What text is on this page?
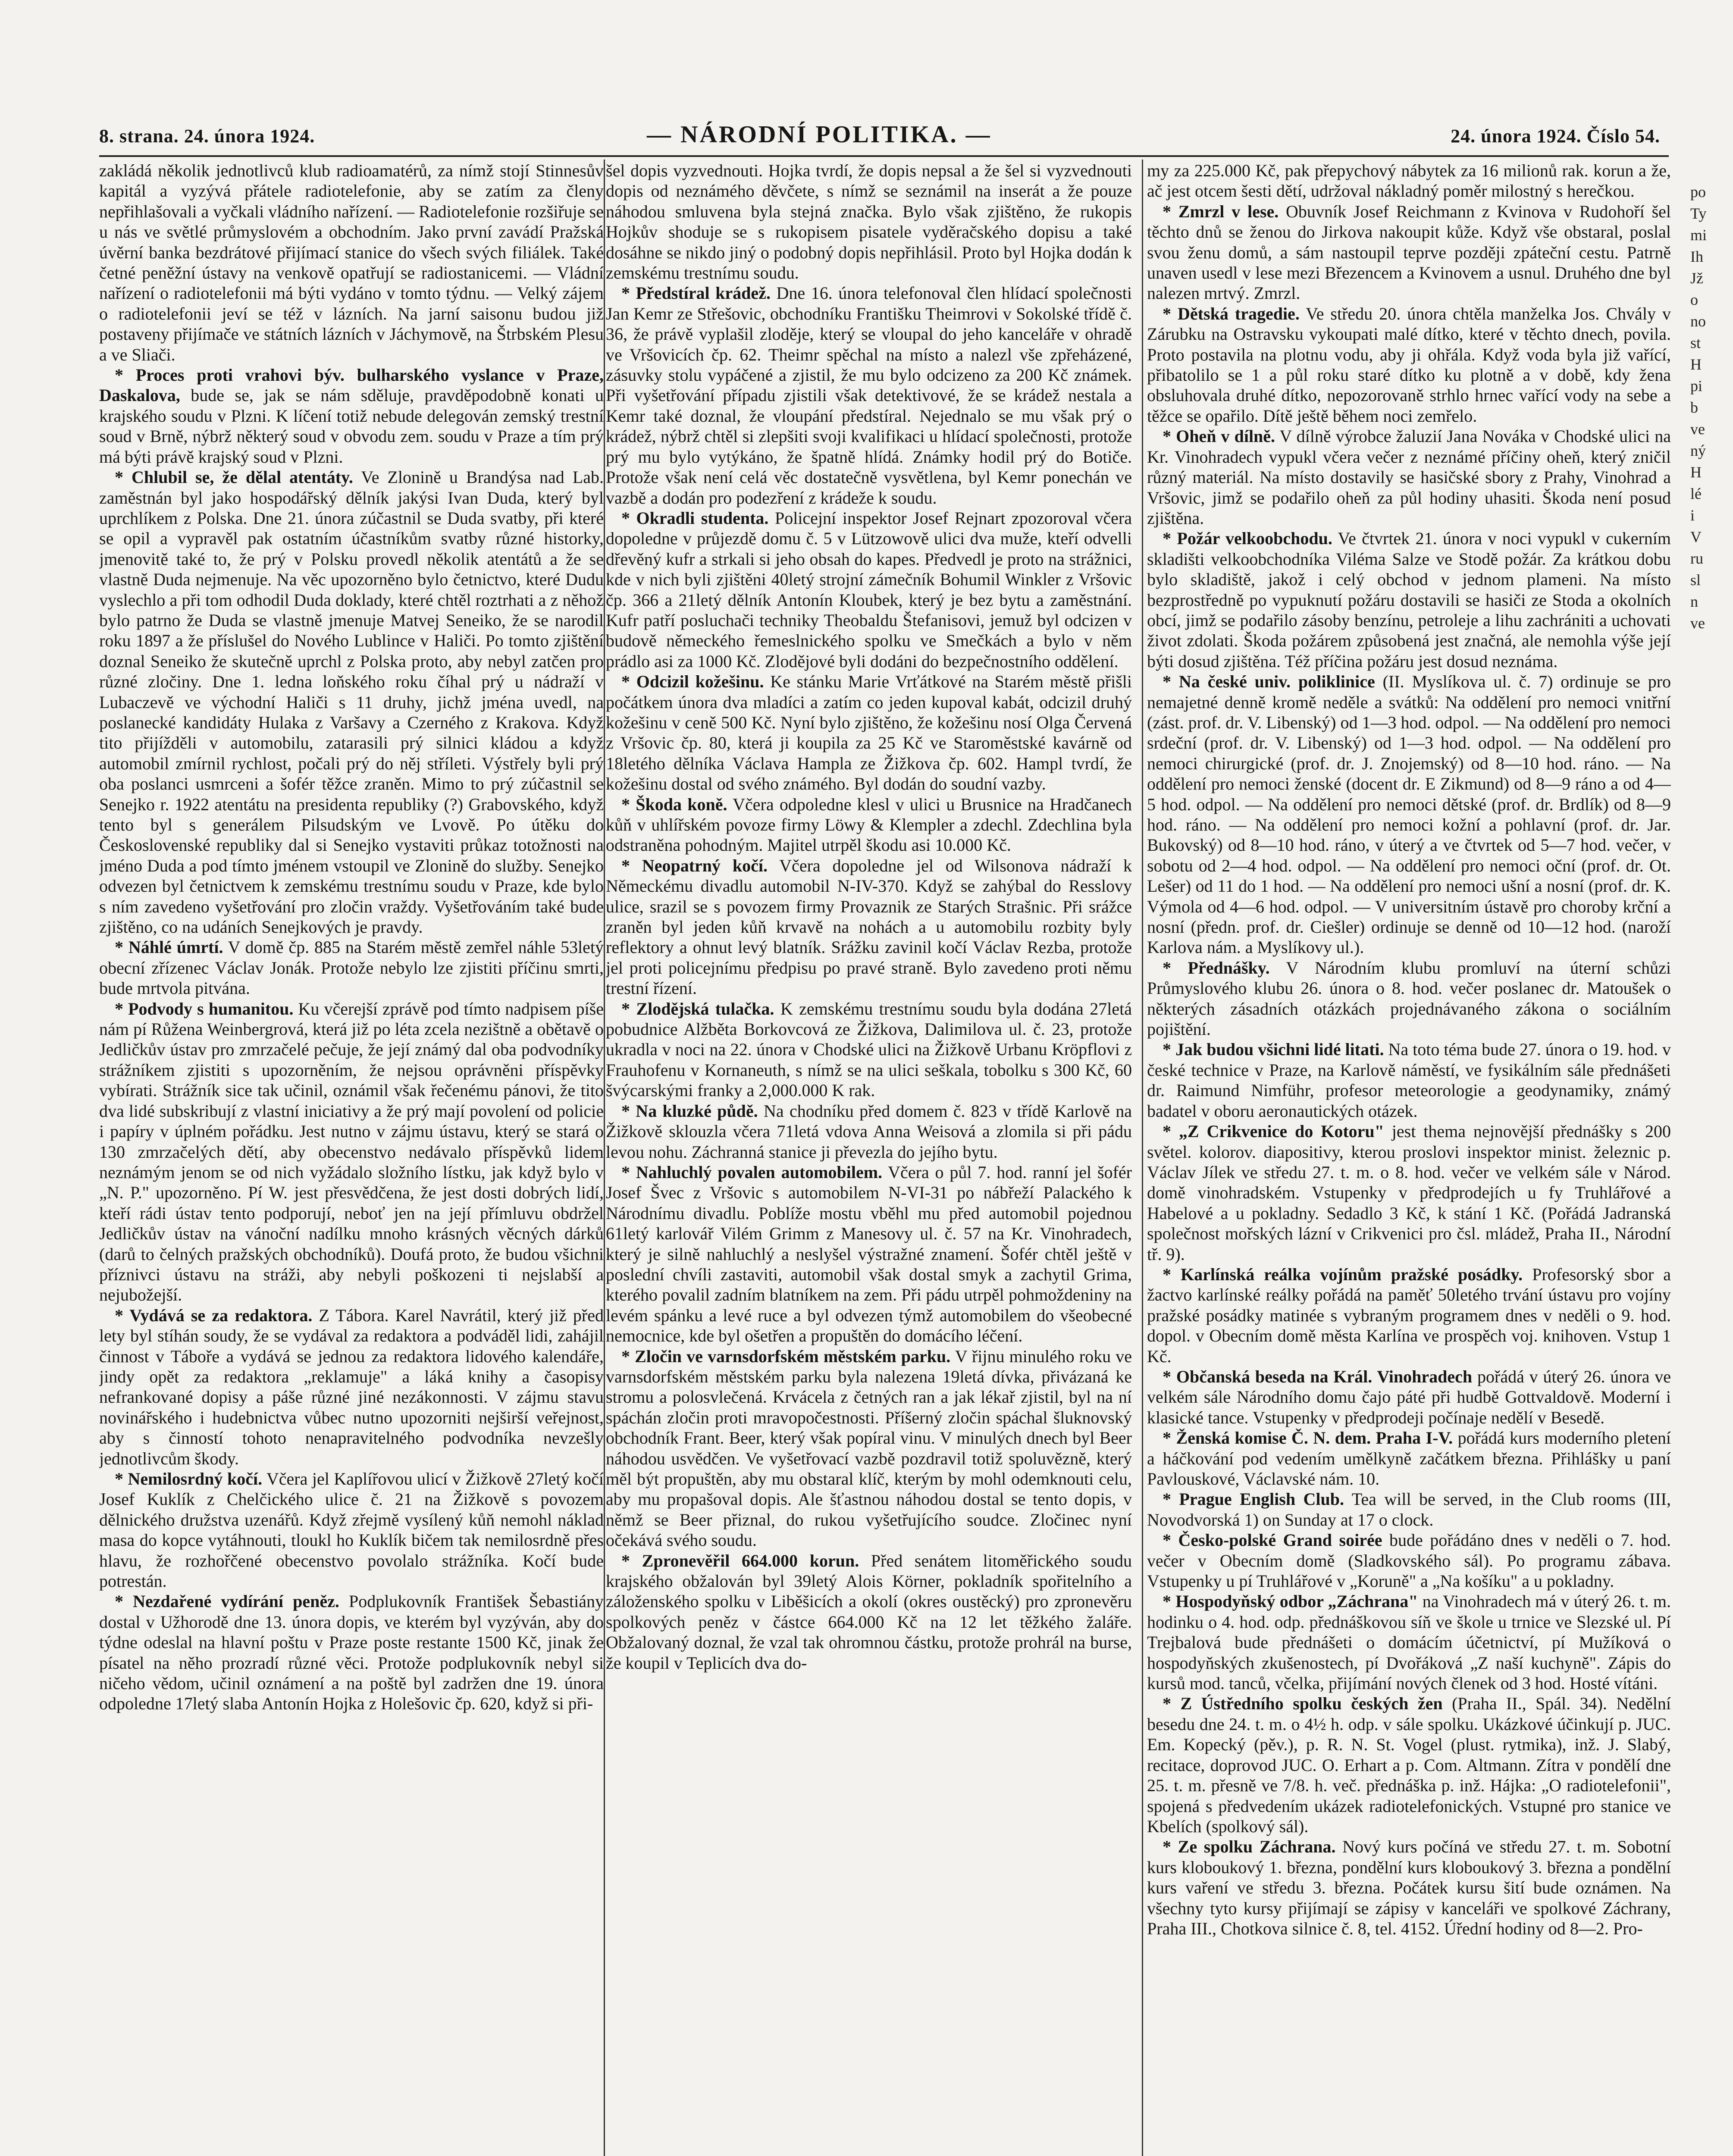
8. strana. 24. února 1924.	— NÁRODNÍ POLITIKA. —	24. února 1924. Číslo 54.

zakládá několik jednotlivců klub radioamatérů, za nímž stojí Stinnesův kapitál a vyzývá přátele radiotelefonie, aby se zatím za členy nepřihlašovali a vyčkali vládního nařízení. — Radiotelefonie rozšiřuje se u nás ve světlé průmyslovém a obchodním. Jako první zavádí Pražská úvěrní banka bezdrátové přijímací stanice do všech svých filiálek. Také četné peněžní ústavy na venkově opatřují se radiostanicemi. — Vládní nařízení o radiotelefonii má býti vydáno v tomto týdnu. — Velký zájem o radiotelefonii jeví se též v lázních. Na jarní saisonu budou již postaveny přijímače ve státních lázních v Jáchymově, na Štrbském Plesu a ve Sliači.

* Proces proti vrahovi býv. bulharského vyslance v Praze, Daskalova, bude se, jak se nám sděluje, pravděpodobně konati u krajského soudu v Plzni. K líčení totiž nebude delegován zemský trestní soud v Brně, nýbrž některý soud v obvodu zem. soudu v Praze a tím prý má býti právě krajský soud v Plzni.

* Chlubil se, že dělal atentáty. Ve Zlonině u Brandýsa nad Lab. zaměstnán byl jako hospodářský dělník jakýsi Ivan Duda, který byl uprchlíkem z Polska. Dne 21. února zúčastnil se Duda svatby, při které se opil a vypravěl pak ostatním účastníkům svatby různé historky, jmenovitě také to, že prý v Polsku provedl několik atentátů a že se vlastně Duda nejmenuje. Na věc upozorněno bylo četnictvo, které Dudu vyslechlo a při tom odhodil Duda doklady, které chtěl roztrhati a z něhož bylo patrno že Duda se vlastně jmenuje Matvej Seneiko, že se narodil roku 1897 a že příslušel do Nového Lublince v Haliči. Po tomto zjištění doznal Seneiko že skutečně uprchl z Polska proto, aby nebyl zatčen pro různé zločiny. Dne 1. ledna loňského roku číhal prý u nádraží v Lubaczevě ve východní Haliči s 11 druhy, jichž jména uvedl, na poslanecké kandidáty Hulaka z Varšavy a Czerného z Krakova. Když tito přijížděli v automobilu, zatarasili prý silnici kládou a když automobil zmírnil rychlost, počali prý do něj stříleti. Výstřely byli prý oba poslanci usmrceni a šofér těžce zraněn. Mimo to prý zúčastnil se Senejko r. 1922 atentátu na presidenta republiky (?) Grabovského, když tento byl s generálem Pilsudským ve Lvově. Po útěku do Československé republiky dal si Senejko vystaviti průkaz totožnosti na jméno Duda a pod tímto jménem vstoupil ve Zlonině do služby. Senejko odvezen byl četnictvem k zemskému trestnímu soudu v Praze, kde bylo s ním zavedeno vyšetřování pro zločin vraždy. Vyšetřováním také bude zjištěno, co na udáních Senejkových je pravdy.

* Náhlé úmrtí. V domě čp. 885 na Starém městě zemřel náhle 53letý obecní zřízenec Václav Jonák. Protože nebylo lze zjistiti příčinu smrti, bude mrtvola pitvána.

* Podvody s humanitou. Ku včerejší zprávě pod tímto nadpisem píše nám pí Růžena Weinbergrová, která již po léta zcela nezištně a obětavě o Jedličkův ústav pro zmrzačelé pečuje, že její známý dal oba podvodníky strážníkem zjistiti s upozorněním, že nejsou oprávněni příspěvky vybírati. Strážník sice tak učinil, oznámil však řečenému pánovi, že tito dva lidé subskribují z vlastní iniciativy a že prý mají povolení od policie i papíry v úplném pořádku. Jest nutno v zájmu ústavu, který se stará o 130 zmrzačelých dětí, aby obecenstvo nedávalo příspěvků lidem neznámým jenom se od nich vyžádalo složního lístku, jak když bylo v „N. P." upozorněno. Pí W. jest přesvědčena, že jest dosti dobrých lidí, kteří rádi ústav tento podporují, neboť jen na její přímluvu obdržel Jedličkův ústav na vánoční nadílku mnoho krásných věcných dárků (darů to čelných pražských obchodníků). Doufá proto, že budou všichni příznivci ústavu na stráži, aby nebyli poškozeni ti nejslabší a nejubožejší.

* Vydává se za redaktora. Z Tábora. Karel Navrátil, který již před lety byl stíhán soudy, že se vydával za redaktora a podváděl lidi, zahájil činnost v Táboře a vydává se jednou za redaktora lidového kalendáře, jindy opět za redaktora „reklamuje" a láká knihy a časopisy nefrankované dopisy a páše různé jiné nezákonnosti. V zájmu stavu novinářského i hudebnictva vůbec nutno upozorniti nejširší veřejnost, aby s činností tohoto nenapravitelného podvodníka nevzešly jednotlivcům škody.

* Nemilosrdný kočí. Včera jel Kaplířovou ulicí v Žižkově 27letý kočí Josef Kuklík z Chelčického ulice č. 21 na Žižkově s povozem dělnického družstva uzenářů. Když zřejmě vysílený kůň nemohl náklad masa do kopce vytáhnouti, tloukl ho Kuklík bičem tak nemilosrdně přes hlavu, že rozhořčené obecenstvo povolalo strážníka. Kočí bude potrestán.

* Nezdařené vydírání peněz. Podplukovník František Šebastiány dostal v Užhorodě dne 13. února dopis, ve kterém byl vyzýván, aby do týdne odeslal na hlavní poštu v Praze poste restante 1500 Kč, jinak že písatel na něho prozradí různé věci. Protože podplukovník nebyl si ničeho vědom, učinil oznámení a na poště byl zadržen dne 19. února odpoledne 17letý slaba Antonín Hojka z Holešovic čp. 620, když si při-

šel dopis vyzvednouti. Hojka tvrdí, že dopis nepsal a že šel si vyzvednouti dopis od neznámého děvčete, s nímž se seznámil na inserát a že pouze náhodou smluvena byla stejná značka. Bylo však zjištěno, že rukopis Hojkův shoduje se s rukopisem pisatele vyděračského dopisu a také dosáhne se nikdo jiný o podobný dopis nepřihlásil. Proto byl Hojka dodán k zemskému trestnímu soudu.

* Předstíral krádež. Dne 16. února telefonoval člen hlídací společnosti Jan Kemr ze Střešovic, obchodníku Františku Theimrovi v Sokolské třídě č. 36, že právě vyplašil zloděje, který se vloupal do jeho kanceláře v ohradě ve Vršovicích čp. 62. Theimr spěchal na místo a nalezl vše zpřeházené, zásuvky stolu vypáčené a zjistil, že mu bylo odcizeno za 200 Kč známek. Při vyšetřování případu zjistili však detektivové, že se krádež nestala a Kemr také doznal, že vloupání předstíral. Nejednalo se mu však prý o krádež, nýbrž chtěl si zlepšiti svoji kvalifikaci u hlídací společnosti, protože prý mu bylo vytýkáno, že špatně hlídá. Známky hodil prý do Botiče. Protože však není celá věc dostatečně vysvětlena, byl Kemr ponechán ve vazbě a dodán pro podezření z krádeže k soudu.

* Okradli studenta. Policejní inspektor Josef Rejnart zpozoroval včera dopoledne v průjezdě domu č. 5 v Lützowově ulici dva muže, kteří odvelli dřevěný kufr a strkali si jeho obsah do kapes. Předvedl je proto na strážnici, kde v nich byli zjištěni 40letý strojní zámečník Bohumil Winkler z Vršovic čp. 366 a 21letý dělník Antonín Kloubek, který je bez bytu a zaměstnání. Kufr patří posluchači techniky Theobaldu Štefanisovi, jemuž byl odcizen v budově německého řemeslnického spolku ve Smečkách a bylo v něm prádlo asi za 1000 Kč. Zlodějové byli dodáni do bezpečnostního oddělení.

* Odcizil kožešinu. Ke stánku Marie Vrťátkové na Starém městě přišli počátkem února dva mladíci a zatím co jeden kupoval kabát, odcizil druhý kožešinu v ceně 500 Kč. Nyní bylo zjištěno, že kožešinu nosí Olga Červená z Vršovic čp. 80, která ji koupila za 25 Kč ve Staroměstské kavárně od 18letého dělníka Václava Hampla ze Žižkova čp. 602. Hampl tvrdí, že kožešinu dostal od svého známého. Byl dodán do soudní vazby.

* Škoda koně. Včera odpoledne klesl v ulici u Brusnice na Hradčanech kůň v uhlířském povoze firmy Löwy & Klempler a zdechl. Zdechlina byla odstraněna pohodným. Majitel utrpěl škodu asi 10.000 Kč.

* Neopatrný kočí. Včera dopoledne jel od Wilsonova nádraží k Německému divadlu automobil N-IV-370. Když se zahýbal do Resslovy ulice, srazil se s povozem firmy Provaznik ze Starých Strašnic. Při srážce zraněn byl jeden kůň krvavě na nohách a u automobilu rozbity byly reflektory a ohnut levý blatník. Srážku zavinil kočí Václav Rezba, protože jel proti policejnímu předpisu po pravé straně. Bylo zavedeno proti němu trestní řízení.

* Zlodějská tulačka. K zemskému trestnímu soudu byla dodána 27letá pobudnice Alžběta Borkovcová ze Žižkova, Dalimilova ul. č. 23, protože ukradla v noci na 22. února v Chodské ulici na Žižkově Urbanu Kröpflovi z Frauhofenu v Kornaneuth, s nímž se na ulici seškala, tobolku s 300 Kč, 60 švýcarskými franky a 2,000.000 K rak.

* Na kluzké půdě. Na chodníku před domem č. 823 v třídě Karlově na Žižkově sklouzla včera 71letá vdova Anna Weisová a zlomila si při pádu levou nohu. Záchranná stanice ji převezla do jejího bytu.

* Nahluchlý povalen automobilem. Včera o půl 7. hod. ranní jel šofér Josef Švec z Vršovic s automobilem N-VI-31 po nábřeží Palackého k Národnímu divadlu. Poblíže mostu vběhl mu před automobil pojednou 61letý karlovář Vilém Grimm z Manesovy ul. č. 57 na Kr. Vinohradech, který je silně nahluchlý a neslyšel výstražné znamení. Šofér chtěl ještě v poslední chvíli zastaviti, automobil však dostal smyk a zachytil Grima, kterého povalil zadním blatníkem na zem. Při pádu utrpěl pohmoždeniny na levém spánku a levé ruce a byl odvezen týmž automobilem do všeobecné nemocnice, kde byl ošetřen a propuštěn do domácího léčení.

* Zločin ve varnsdorfském městském parku. V řijnu minulého roku ve varnsdorfském městském parku byla nalezena 19letá dívka, přivázaná ke stromu a polosvlečená. Krvácela z četných ran a jak lékař zjistil, byl na ní spáchán zločin proti mravopočestnosti. Příšerný zločin spáchal šluknovský obchodník Frant. Beer, který však popíral vinu. V minulých dnech byl Beer náhodou usvědčen. Ve vyšetřovací vazbě pozdravil totiž spoluvězně, který měl být propuštěn, aby mu obstaral klíč, kterým by mohl odemknouti celu, aby mu propašoval dopis. Ale šťastnou náhodou dostal se tento dopis, v němž se Beer přiznal, do rukou vyšetřujícího soudce. Zločinec nyní očekává svého soudu.

* Zpronevěřil 664.000 korun. Před senátem litoměřického soudu krajského obžalován byl 39letý Alois Körner, pokladník spořitelního a záloženského spolku v Liběšicích a okolí (okres oustěcký) pro zpronevěru spolkových peněz v částce 664.000 Kč na 12 let těžkého žaláře. Obžalovaný doznal, že vzal tak ohromnou částku, protože prohrál na burse, že koupil v Teplicích dva do-

my za 225.000 Kč, pak přepychový nábytek za 16 milionů rak. korun a že, ač jest otcem šesti dětí, udržoval nákladný poměr milostný s herečkou.

* Zmrzl v lese. Obuvník Josef Reichmann z Kvinova v Rudohoří šel těchto dnů se ženou do Jirkova nakoupit kůže. Když vše obstaral, poslal svou ženu domů, a sám nastoupil teprve později zpáteční cestu. Patrně unaven usedl v lese mezi Březencem a Kvinovem a usnul. Druhého dne byl nalezen mrtvý. Zmrzl.

* Dětská tragedie. Ve středu 20. února chtěla manželka Jos. Chvály v Zárubku na Ostravsku vykoupati malé dítko, které v těchto dnech, povila. Proto postavila na plotnu vodu, aby ji ohřála. Když voda byla již vařící, přibatolilo se 1 a půl roku staré dítko ku plotně a v době, kdy žena obsluhovala druhé dítko, nepozorovaně strhlo hrnec vařící vody na sebe a těžce se opařilo. Dítě ještě během noci zemřelo.

* Oheň v dílně. V dílně výrobce žaluzií Jana Nováka v Chodské ulici na Kr. Vinohradech vypukl včera večer z neznámé příčiny oheň, který zničil různý materiál. Na místo dostavily se hasičské sbory z Prahy, Vinohrad a Vršovic, jimž se podařilo oheň za půl hodiny uhasiti. Škoda není posud zjištěna.

* Požár velkoobchodu. Ve čtvrtek 21. února v noci vypukl v cukerním skladišti velkoobchodníka Viléma Salze ve Stodě požár. Za krátkou dobu bylo skladiště, jakož i celý obchod v jednom plameni. Na místo bezprostředně po vypuknutí požáru dostavili se hasiči ze Stoda a okolních obcí, jimž se podařilo zásoby benzínu, petroleje a lihu zachrániti a uchovati život zdolati. Škoda požárem způsobená jest značná, ale nemohla výše její býti dosud zjištěna. Též příčina požáru jest dosud neznáma.

* Na české univ. poliklinice (II. Myslíkova ul. č. 7) ordinuje se pro nemajetné denně kromě neděle a svátků: Na oddělení pro nemoci vnitřní (zást. prof. dr. V. Libenský) od 1—3 hod. odpol. — Na oddělení pro nemoci srdeční (prof. dr. V. Libenský) od 1—3 hod. odpol. — Na oddělení pro nemoci chirurgické (prof. dr. J. Znojemský) od 8—10 hod. ráno. — Na oddělení pro nemoci ženské (docent dr. E Zikmund) od 8—9 ráno a od 4—5 hod. odpol. — Na oddělení pro nemoci dětské (prof. dr. Brdlík) od 8—9 hod. ráno. — Na oddělení pro nemoci kožní a pohlavní (prof. dr. Jar. Bukovský) od 8—10 hod. ráno, v úterý a ve čtvrtek od 5—7 hod. večer, v sobotu od 2—4 hod. odpol. — Na oddělení pro nemoci oční (prof. dr. Ot. Lešer) od 11 do 1 hod. — Na oddělení pro nemoci ušní a nosní (prof. dr. K. Výmola od 4—6 hod. odpol. — V universitním ústavě pro choroby krční a nosní (předn. prof. dr. Ciešler) ordinuje se denně od 10—12 hod. (naroží Karlova nám. a Myslíkovy ul.).

* Přednášky. V Národním klubu promluví na úterní schůzi Průmyslového klubu 26. února o 8. hod. večer poslanec dr. Matoušek o některých zásadních otázkách projednávaného zákona o sociálním pojištění.

* Jak budou všichni lidé litati. Na toto téma bude 27. února o 19. hod. v české technice v Praze, na Karlově náměstí, ve fysikálním sále přednášeti dr. Raimund Nimführ, profesor meteorologie a geodynamiky, známý badatel v oboru aeronautických otázek.

* „Z Crikvenice do Kotoru" jest thema nejnovější přednášky s 200 světel. kolorov. diapositivy, kterou proslovi inspektor minist. železnic p. Václav Jílek ve středu 27. t. m. o 8. hod. večer ve velkém sále v Národ. domě vinohradském. Vstupenky v předprodejích u fy Truhlářové a Habelové a u pokladny. Sedadlo 3 Kč, k stání 1 Kč. (Pořádá Jadranská společnost mořských lázní v Crikvenici pro čsl. mládež, Praha II., Národní tř. 9).

* Karlínská reálka vojínům pražské posádky. Profesorský sbor a žactvo karlínské reálky pořádá na paměť 50letého trvání ústavu pro vojíny pražské posádky matinée s vybraným programem dnes v neděli o 9. hod. dopol. v Obecním domě města Karlína ve prospěch voj. knihoven. Vstup 1 Kč.

* Občanská beseda na Král. Vinohradech pořádá v úterý 26. února ve velkém sále Národního domu čajo páté při hudbě Gottvaldově. Moderní i klasické tance. Vstupenky v předprodeji počínaje nedělí v Besedě.

* Ženská komise Č. N. dem. Praha I-V. pořádá kurs moderního pletení a háčkování pod vedením umělkyně začátkem března. Přihlášky u paní Pavlouskové, Václavské nám. 10.

* Prague English Club. Tea will be served, in the Club rooms (III, Novodvorská 1) on Sunday at 17 o clock.

* Česko-polské Grand soirée bude pořádáno dnes v neděli o 7. hod. večer v Obecním domě (Sladkovského sál). Po programu zábava. Vstupenky u pí Truhlářové v „Koruně" a „Na košíku" a u pokladny.

* Hospodyňský odbor „Záchrana" na Vinohradech má v úterý 26. t. m. hodinku o 4. hod. odp. přednáškovou síň ve škole u trnice ve Slezské ul. Pí Trejbalová bude přednášeti o domácím účetnictví, pí Mužíková o hospodyňských zkušenostech, pí Dvořáková „Z naší kuchyně". Zápis do kursů mod. tanců, včelka, přijímání nových členek od 3 hod. Hosté vítáni.

* Z Ústředního spolku českých žen (Praha II., Spál. 34). Nedělní besedu dne 24. t. m. o 4½ h. odp. v sále spolku. Ukázkové účinkují p. JUC. Em. Kopecký (pěv.), p. R. N. St. Vogel (plust. rytmika), inž. J. Slabý, recitace, doprovod JUC. O. Erhart a p. Com. Altmann. Zítra v pondělí dne 25. t. m. přesně ve 7/8. h. več. přednáška p. inž. Hájka: „O radiotelefonii", spojená s předvedením ukázek radiotelefonických. Vstupné pro stanice ve Kbelích (spolkový sál).

* Ze spolku Záchrana. Nový kurs počíná ve středu 27. t. m. Sobotní kurs kloboukový 1. března, pondělní kurs kloboukový 3. března a pondělní kurs vaření ve středu 3. března. Počátek kursu šití bude oznámen. Na všechny tyto kursy přijímají se zápisy v kanceláři ve spolkové Záchrany, Praha III., Chotkova silnice č. 8, tel. 4152. Úřední hodiny od 8—2. Pro-

po
Ty
mi
Ih
Jž
o
no
st
H
pi
b
ve
ný
H
lé
i
V
ru
sl
n
ve
